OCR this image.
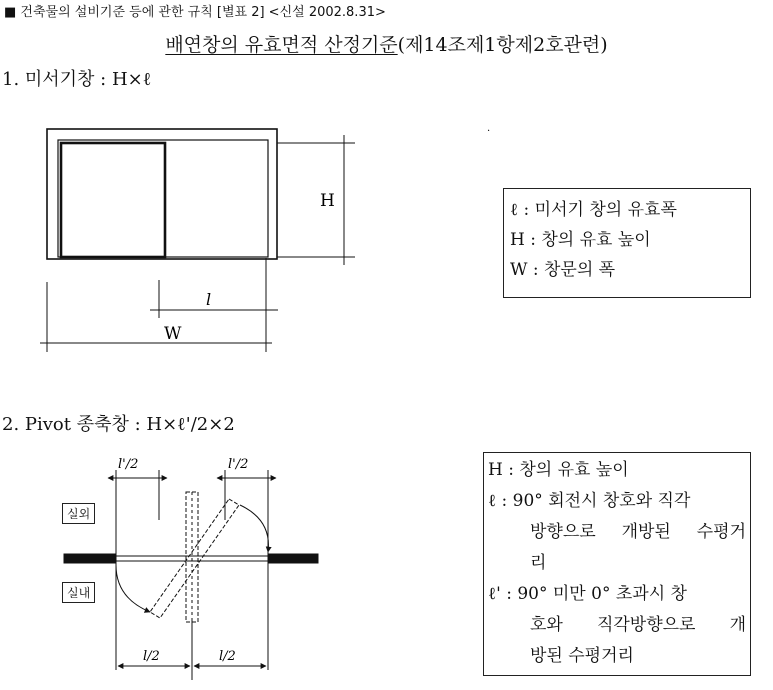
■ 건축물의 설비기준 등에 관한 규칙 [별표 2] <신설 2002.8.31>
배연창의 유효면적 산정기준(제14조제1항제2호관련)
1. 미서기창 : H×ℓ
H
l
W
.
ℓ : 미서기 창의 유효폭
H : 창의 유효 높이
W : 창문의 폭
2. Pivot 종축창 : H×ℓ'/2×2
l'/2	l'/2
l/2	l/2
실외
실내
H : 창의 유효 높이
ℓ : 90° 회전시 창호와 직각
방향으로 개방된 수평거
리
ℓ' : 90° 미만 0° 초과시 창
호와 직각방향으로 개
방된 수평거리
